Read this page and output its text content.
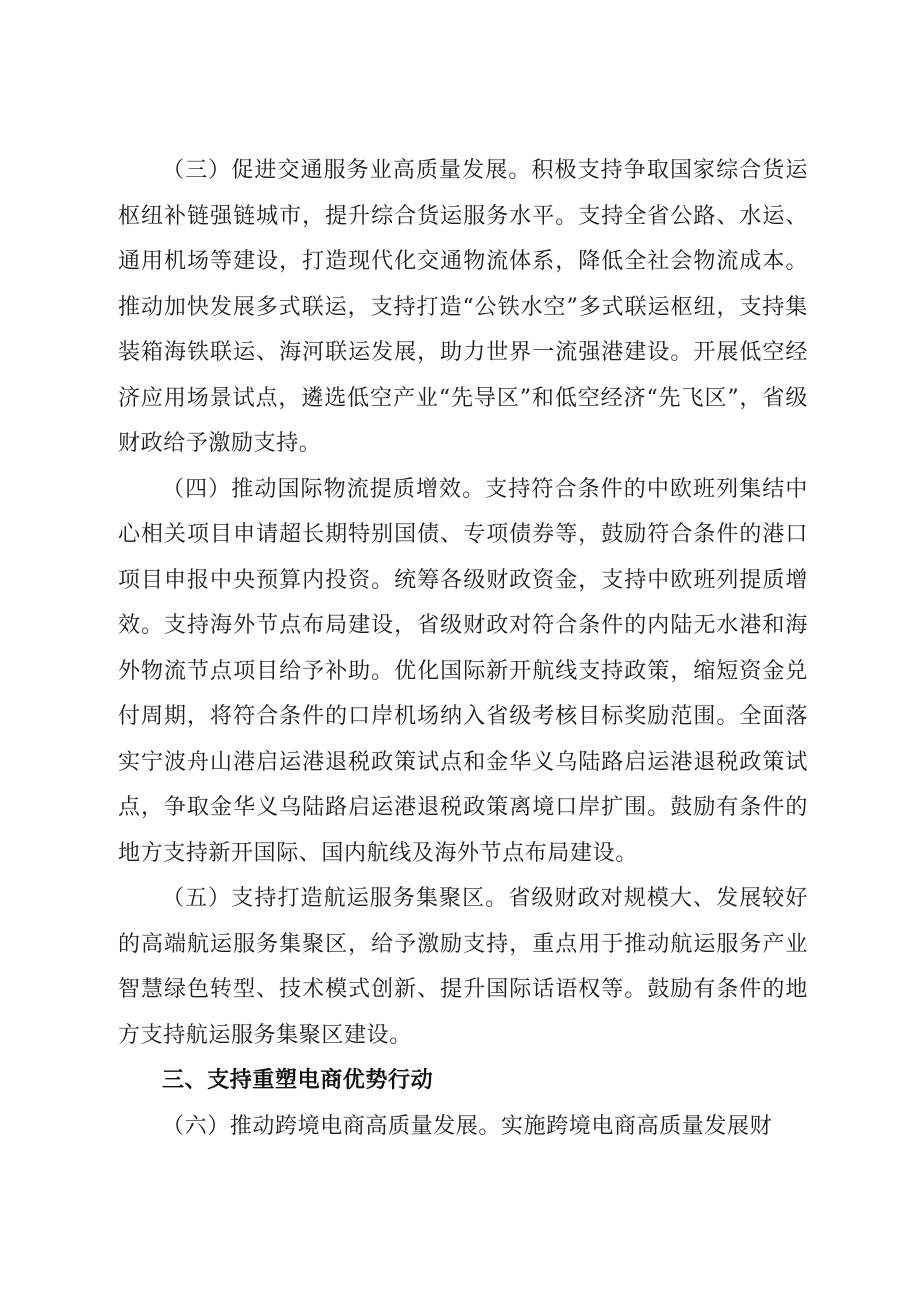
（三）促进交通服务业高质量发展。积极支持争取国家综合货运枢纽补链强链城市，提升综合货运服务水平。支持全省公路、水运、通用机场等建设，打造现代化交通物流体系，降低全社会物流成本。推动加快发展多式联运，支持打造“公铁水空”多式联运枢纽，支持集装箱海铁联运、海河联运发展，助力世界一流强港建设。开展低空经济应用场景试点，遴选低空产业“先导区”和低空经济“先飞区”，省级财政给予激励支持。

（四）推动国际物流提质增效。支持符合条件的中欧班列集结中心相关项目申请超长期特别国债、专项债券等，鼓励符合条件的港口项目申报中央预算内投资。统筹各级财政资金，支持中欧班列提质增效。支持海外节点布局建设，省级财政对符合条件的内陆无水港和海外物流节点项目给予补助。优化国际新开航线支持政策，缩短资金兑付周期，将符合条件的口岸机场纳入省级考核目标奖励范围。全面落实宁波舟山港启运港退税政策试点和金华义乌陆路启运港退税政策试点，争取金华义乌陆路启运港退税政策离境口岸扩围。鼓励有条件的地方支持新开国际、国内航线及海外节点布局建设。

（五）支持打造航运服务集聚区。省级财政对规模大、发展较好的高端航运服务集聚区，给予激励支持，重点用于推动航运服务产业智慧绿色转型、技术模式创新、提升国际话语权等。鼓励有条件的地方支持航运服务集聚区建设。

三、支持重塑电商优势行动

（六）推动跨境电商高质量发展。实施跨境电商高质量发展财
